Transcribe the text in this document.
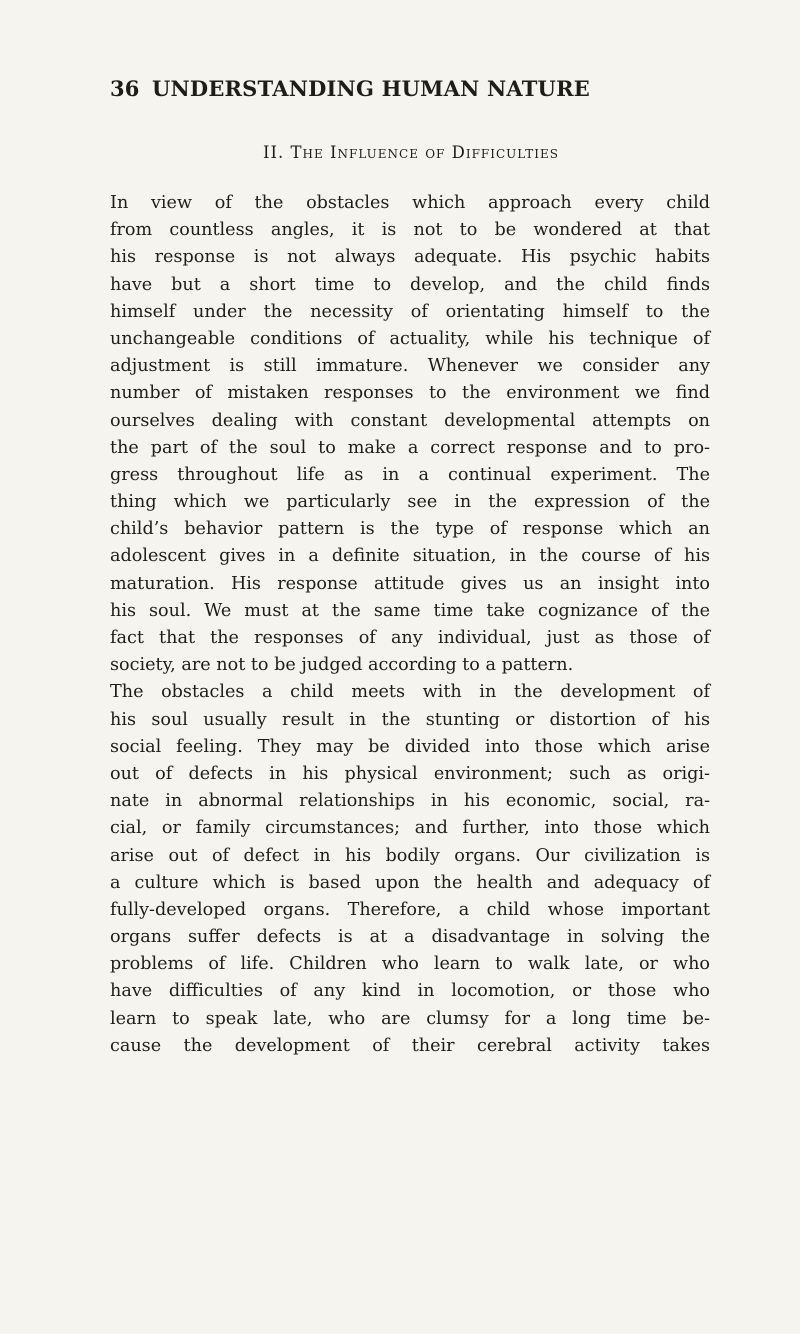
36 UNDERSTANDING HUMAN NATURE
II. The Influence of Difficulties
In view of the obstacles which approach every child
from countless angles, it is not to be wondered at that
his response is not always adequate. His psychic habits
have but a short time to develop, and the child finds
himself under the necessity of orientating himself to the
unchangeable conditions of actuality, while his technique of
adjustment is still immature. Whenever we consider any
number of mistaken responses to the environment we find
ourselves dealing with constant developmental attempts on
the part of the soul to make a correct response and to pro-
gress throughout life as in a continual experiment. The
thing which we particularly see in the expression of the
child’s behavior pattern is the type of response which an
adolescent gives in a definite situation, in the course of his
maturation. His response attitude gives us an insight into
his soul. We must at the same time take cognizance of the
fact that the responses of any individual, just as those of
society, are not to be judged according to a pattern.
The obstacles a child meets with in the development of
his soul usually result in the stunting or distortion of his
social feeling. They may be divided into those which arise
out of defects in his physical environment; such as origi-
nate in abnormal relationships in his economic, social, ra-
cial, or family circumstances; and further, into those which
arise out of defect in his bodily organs. Our civilization is
a culture which is based upon the health and adequacy of
fully-developed organs. Therefore, a child whose important
organs suffer defects is at a disadvantage in solving the
problems of life. Children who learn to walk late, or who
have difficulties of any kind in locomotion, or those who
learn to speak late, who are clumsy for a long time be-
cause the development of their cerebral activity takes
